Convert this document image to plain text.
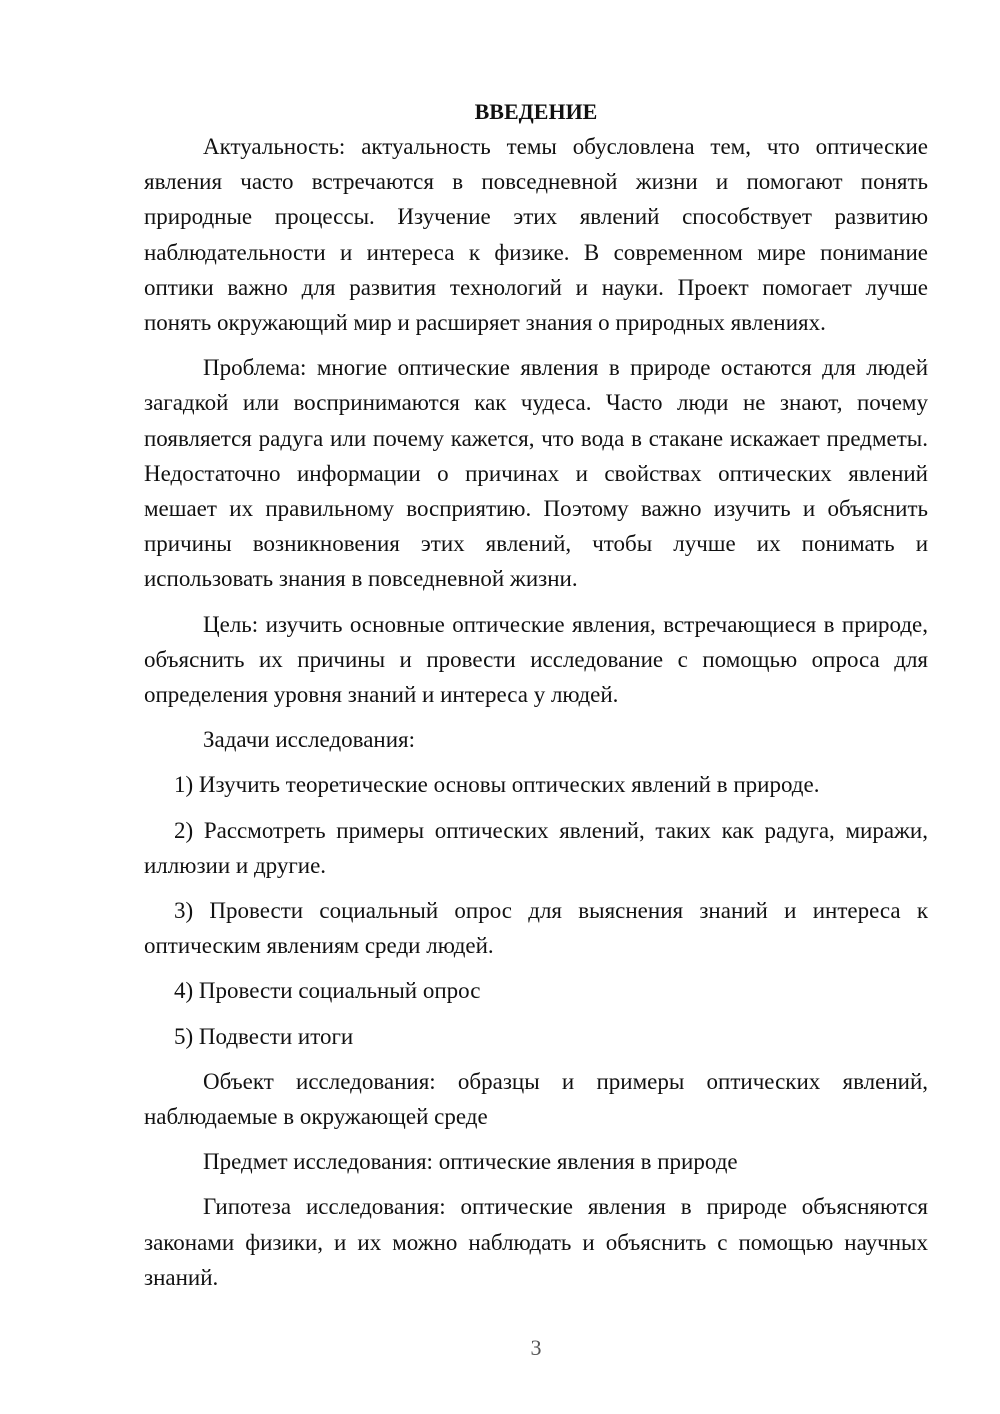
ВВЕДЕНИЕ

Актуальность: актуальность темы обусловлена тем, что оптические явления часто встречаются в повседневной жизни и помогают понять природные процессы. Изучение этих явлений способствует развитию наблюдательности и интереса к физике. В современном мире понимание оптики важно для развития технологий и науки. Проект помогает лучше понять окружающий мир и расширяет знания о природных явлениях.

Проблема: многие оптические явления в природе остаются для людей загадкой или воспринимаются как чудеса. Часто люди не знают, почему появляется радуга или почему кажется, что вода в стакане искажает предметы. Недостаточно информации о причинах и свойствах оптических явлений мешает их правильному восприятию. Поэтому важно изучить и объяснить причины возникновения этих явлений, чтобы лучше их понимать и использовать знания в повседневной жизни.

Цель: изучить основные оптические явления, встречающиеся в природе, объяснить их причины и провести исследование с помощью опроса для определения уровня знаний и интереса у людей.

Задачи исследования:

1) Изучить теоретические основы оптических явлений в природе.

2) Рассмотреть примеры оптических явлений, таких как радуга, миражи, иллюзии и другие.

3) Провести социальный опрос для выяснения знаний и интереса к оптическим явлениям среди людей.

4) Провести социальный опрос

5) Подвести итоги

Объект исследования: образцы и примеры оптических явлений, наблюдаемые в окружающей среде

Предмет исследования: оптические явления в природе

Гипотеза исследования: оптические явления в природе объясняются законами физики, и их можно наблюдать и объяснить с помощью научных знаний.

3
